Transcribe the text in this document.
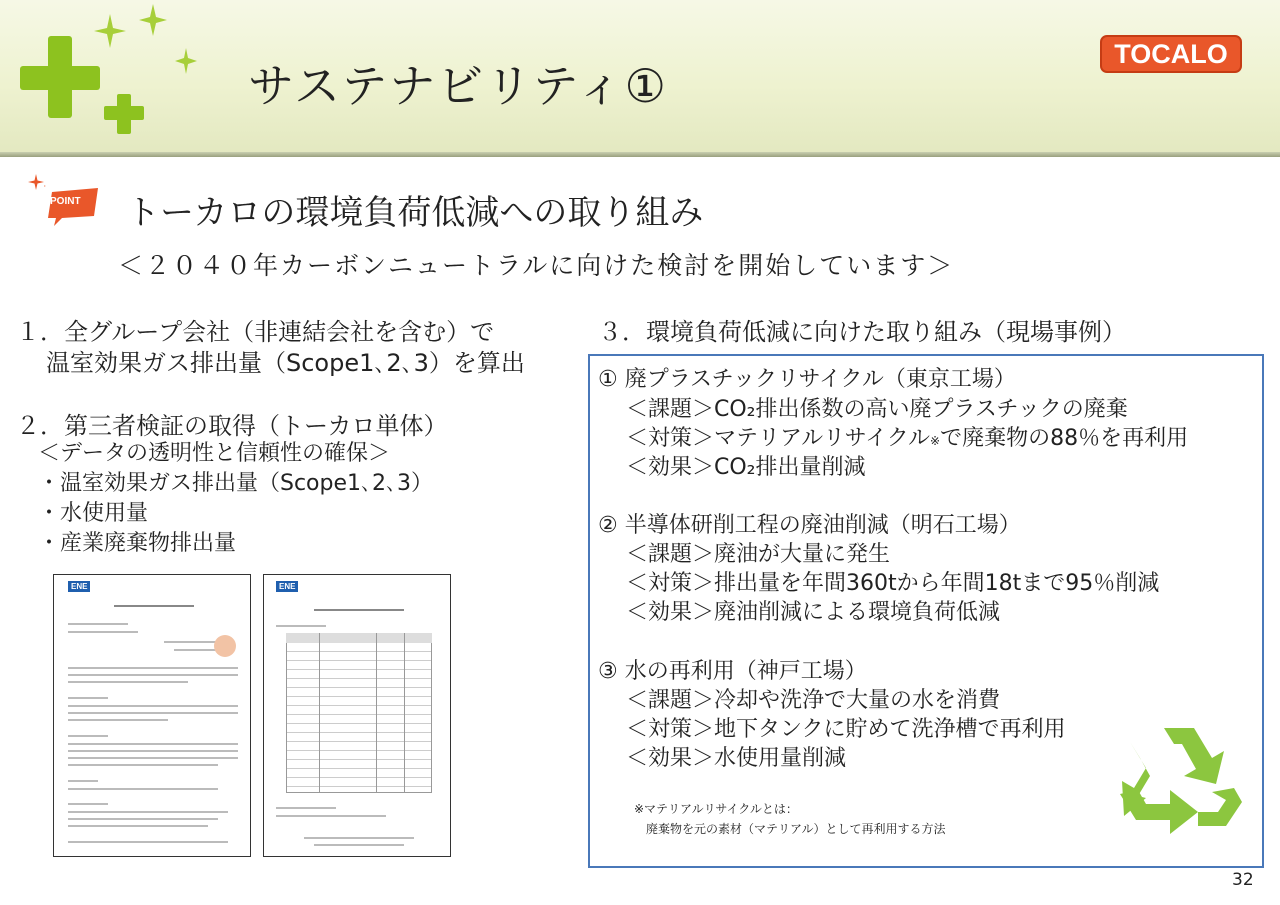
サステナビリティ①
TOCALO
POINT トーカロの環境負荷低減への取り組み
＜２０４０年カーボンニュートラルに向けた検討を開始しています＞
１．全グループ会社（非連結会社を含む）で
温室効果ガス排出量（Scope1､2､3）を算出
２．第三者検証の取得（トーカロ単体）
＜データの透明性と信頼性の確保＞
・温室効果ガス排出量（Scope1､2､3）
・水使用量
・産業廃棄物排出量
ENE	ENE
３．環境負荷低減に向けた取り組み（現場事例）
① 廃プラスチックリサイクル（東京工場）
＜課題＞CO₂排出係数の高い廃プラスチックの廃棄
＜対策＞マテリアルリサイクル※で廃棄物の88％を再利用
＜効果＞CO₂排出量削減
② 半導体研削工程の廃油削減（明石工場）
＜課題＞廃油が大量に発生
＜対策＞排出量を年間360tから年間18tまで95％削減
＜効果＞廃油削減による環境負荷低減
③ 水の再利用（神戸工場）
＜課題＞冷却や洗浄で大量の水を消費
＜対策＞地下タンクに貯めて洗浄槽で再利用
＜効果＞水使用量削減
※マテリアルリサイクルとは：
廃棄物を元の素材（マテリアル）として再利用する方法
32
